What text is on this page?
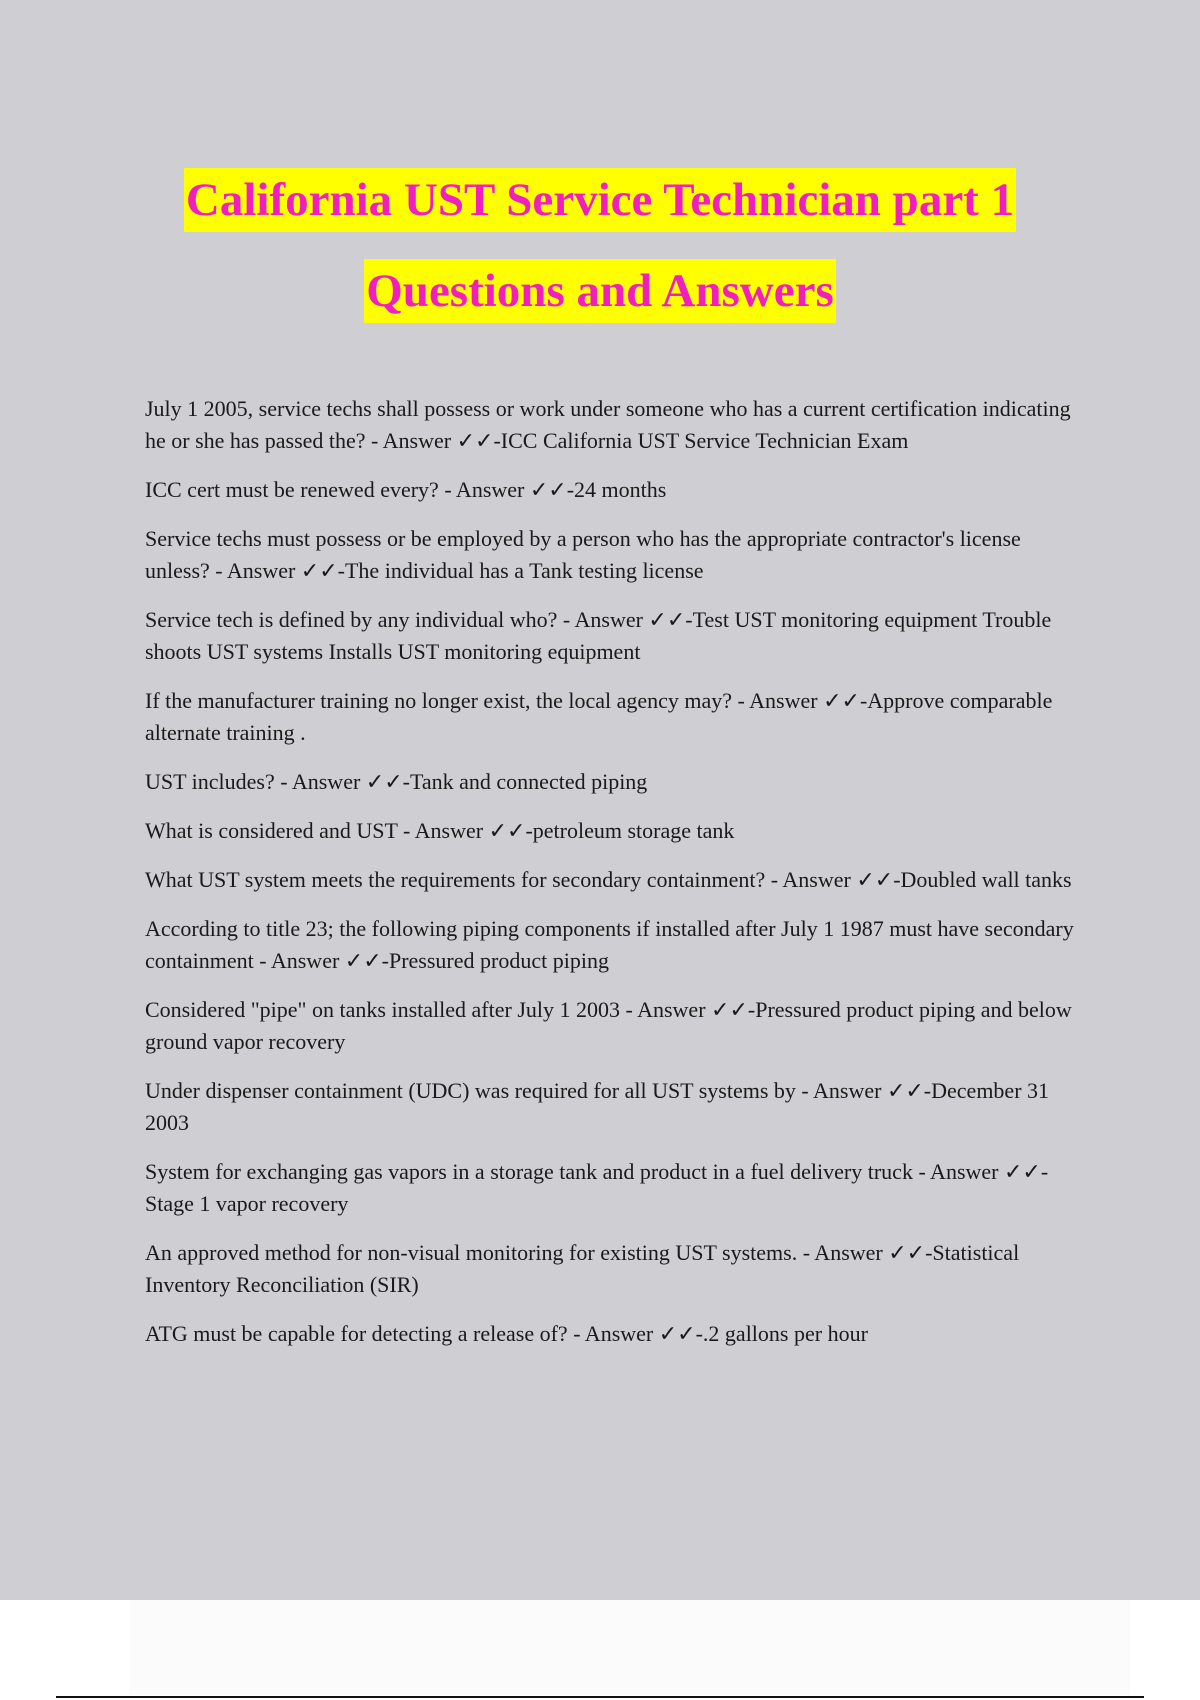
California UST Service Technician part 1
Questions and Answers

July 1 2005, service techs shall possess or work under someone who has a current certification indicating he or she has passed the? - Answer ✓✓-ICC California UST Service Technician Exam

ICC cert must be renewed every? - Answer ✓✓-24 months

Service techs must possess or be employed by a person who has the appropriate contractor's license unless? - Answer ✓✓-The individual has a Tank testing license

Service tech is defined by any individual who? - Answer ✓✓-Test UST monitoring equipment Trouble shoots UST systems Installs UST monitoring equipment

If the manufacturer training no longer exist, the local agency may? - Answer ✓✓-Approve comparable alternate training .

UST includes? - Answer ✓✓-Tank and connected piping

What is considered and UST - Answer ✓✓-petroleum storage tank

What UST system meets the requirements for secondary containment? - Answer ✓✓-Doubled wall tanks

According to title 23; the following piping components if installed after July 1 1987 must have secondary containment - Answer ✓✓-Pressured product piping

Considered "pipe" on tanks installed after July 1 2003 - Answer ✓✓-Pressured product piping and below ground vapor recovery

Under dispenser containment (UDC) was required for all UST systems by - Answer ✓✓-December 31 2003

System for exchanging gas vapors in a storage tank and product in a fuel delivery truck - Answer ✓✓-Stage 1 vapor recovery

An approved method for non-visual monitoring for existing UST systems. - Answer ✓✓-Statistical Inventory Reconciliation (SIR)

ATG must be capable for detecting a release of? - Answer ✓✓-.2 gallons per hour
